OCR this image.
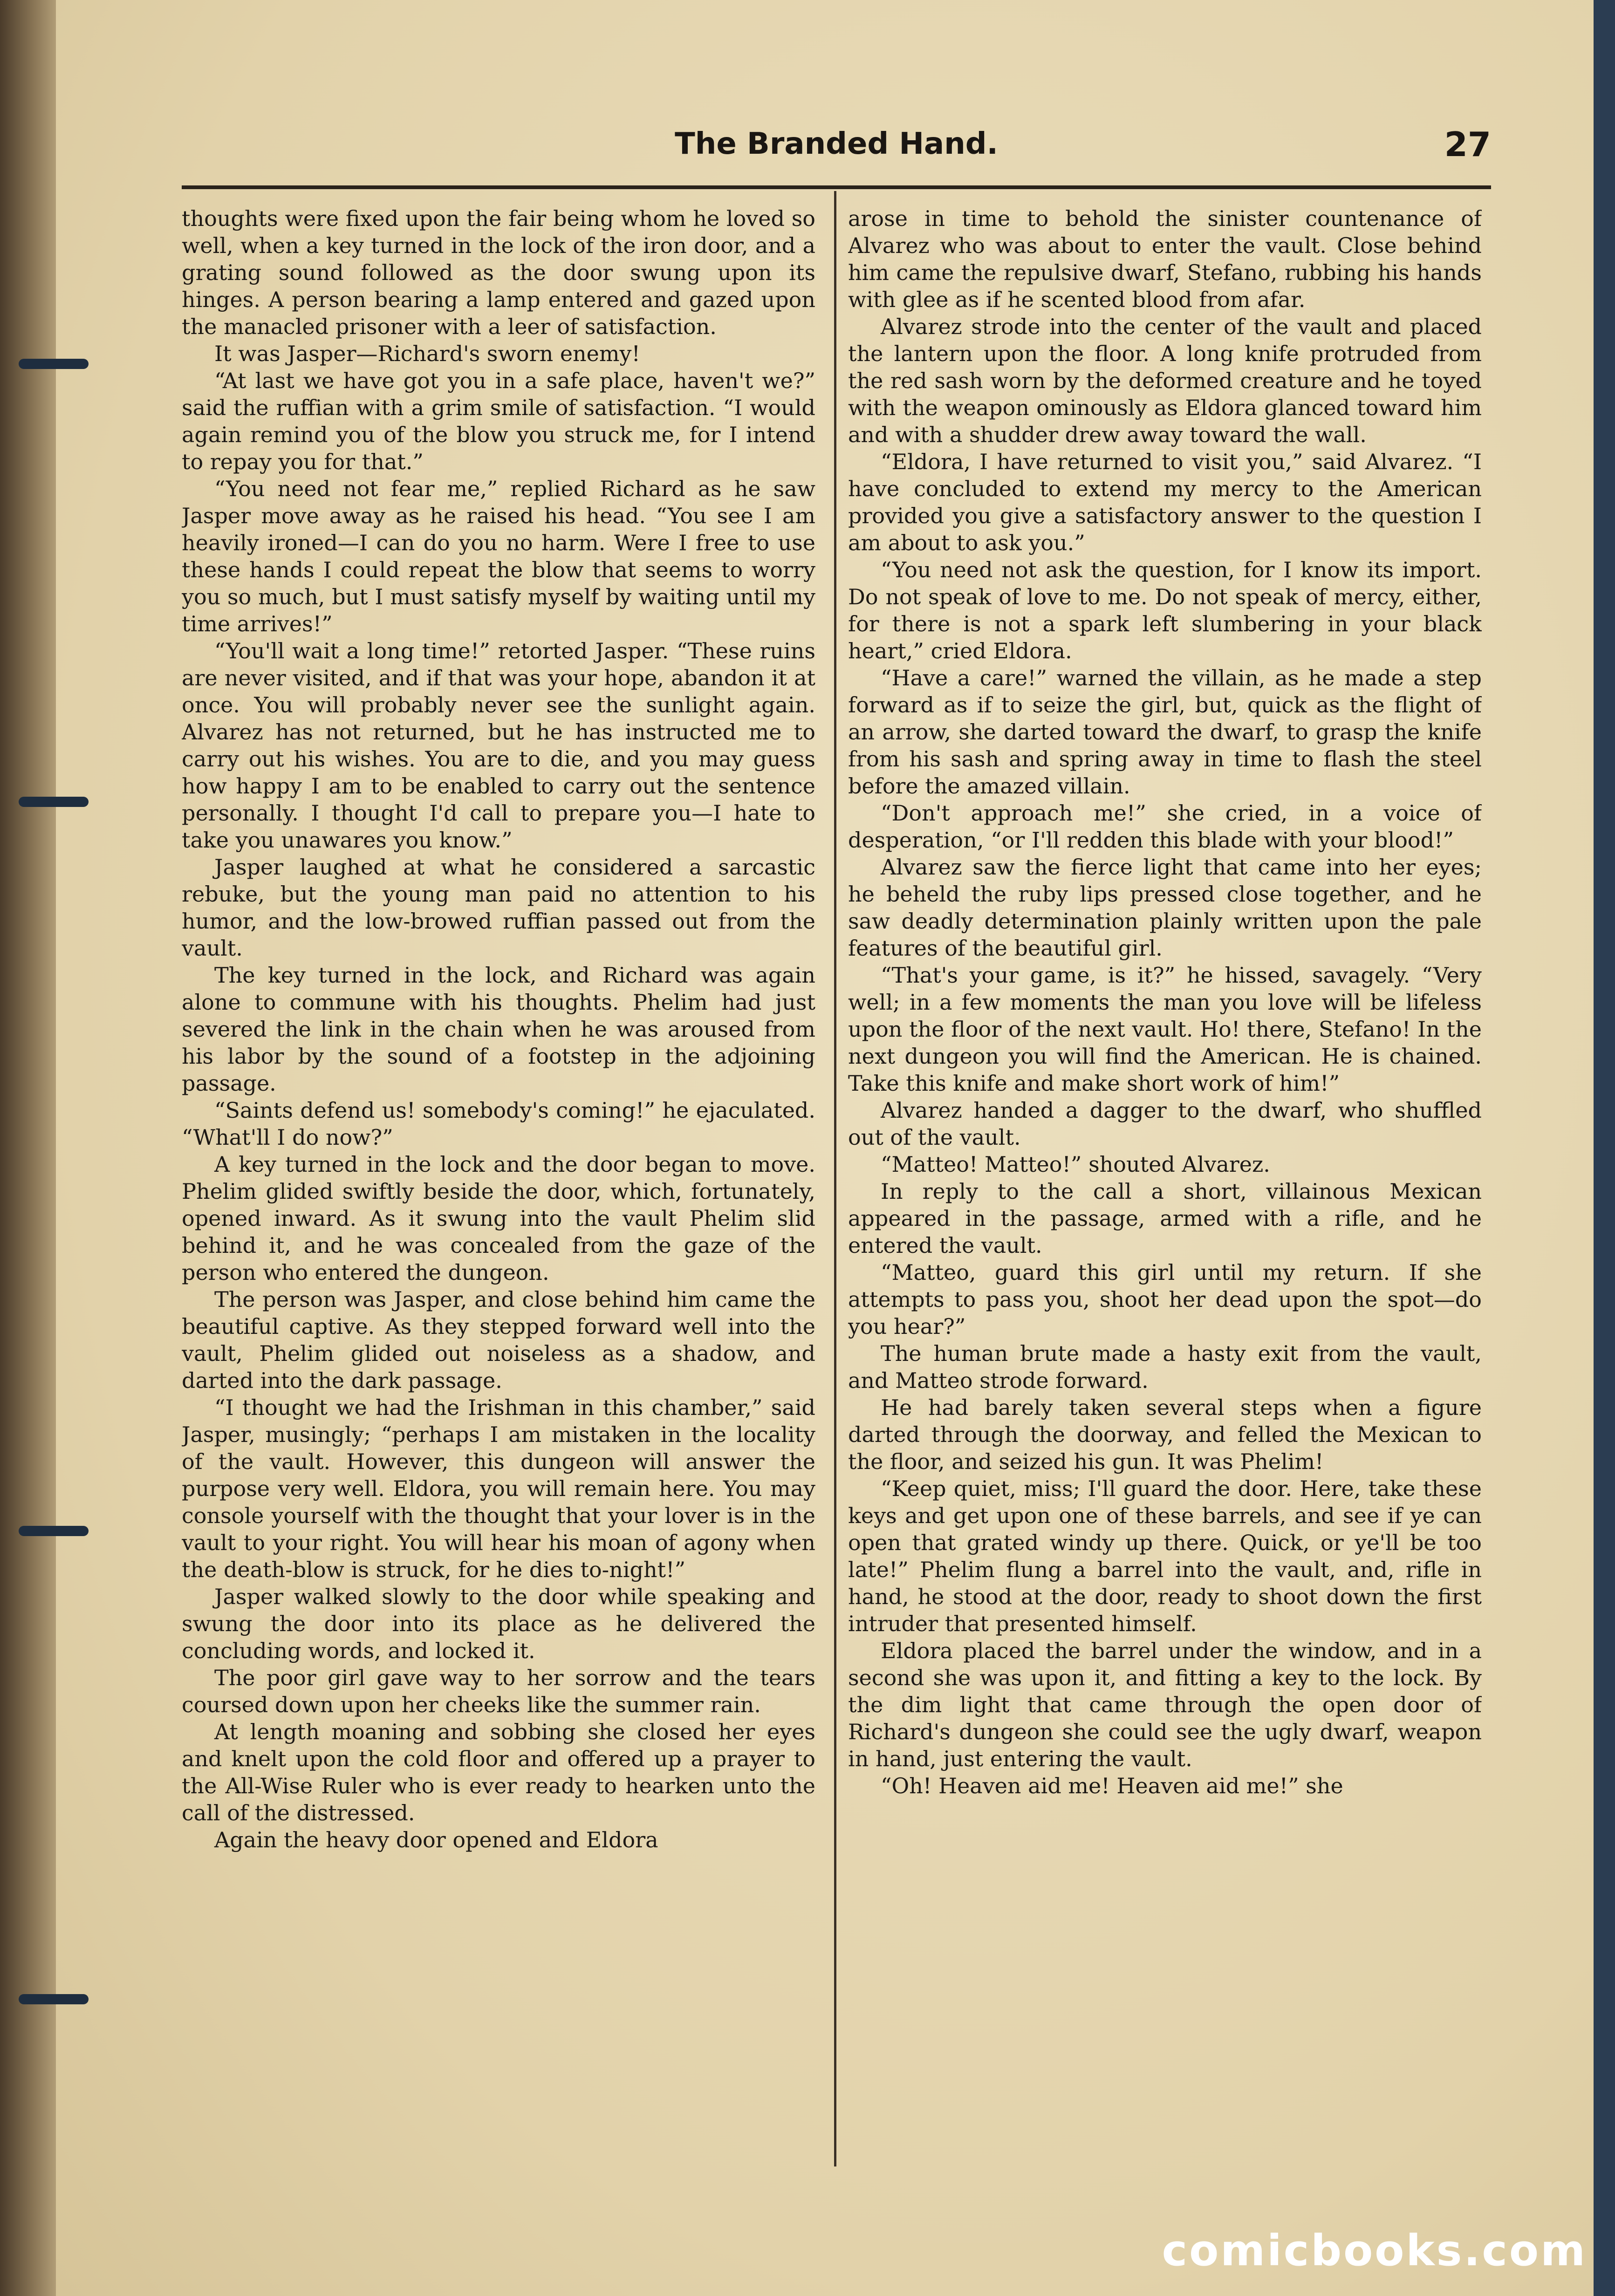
The Branded Hand.	27

thoughts were fixed upon the fair being whom he loved so well, when a key turned in the lock of the iron door, and a grating sound followed as the door swung upon its hinges. A person bearing a lamp entered and gazed upon the manacled prisoner with a leer of satisfaction.

It was Jasper—Richard's sworn enemy!

“At last we have got you in a safe place, haven't we?” said the ruffian with a grim smile of satisfaction. “I would again remind you of the blow you struck me, for I intend to repay you for that.”

“You need not fear me,” replied Richard as he saw Jasper move away as he raised his head. “You see I am heavily ironed—I can do you no harm. Were I free to use these hands I could repeat the blow that seems to worry you so much, but I must satisfy myself by waiting until my time arrives!”

“You'll wait a long time!” retorted Jasper. “These ruins are never visited, and if that was your hope, abandon it at once. You will probably never see the sunlight again. Alvarez has not returned, but he has instructed me to carry out his wishes. You are to die, and you may guess how happy I am to be enabled to carry out the sentence personally. I thought I'd call to prepare you—I hate to take you unawares you know.”

Jasper laughed at what he considered a sarcastic rebuke, but the young man paid no attention to his humor, and the low-browed ruffian passed out from the vault.

The key turned in the lock, and Richard was again alone to commune with his thoughts. Phelim had just severed the link in the chain when he was aroused from his labor by the sound of a footstep in the adjoining passage.

“Saints defend us! somebody's coming!” he ejaculated. “What'll I do now?”

A key turned in the lock and the door began to move. Phelim glided swiftly beside the door, which, fortunately, opened inward. As it swung into the vault Phelim slid behind it, and he was concealed from the gaze of the person who entered the dungeon.

The person was Jasper, and close behind him came the beautiful captive. As they stepped forward well into the vault, Phelim glided out noiseless as a shadow, and darted into the dark passage.

“I thought we had the Irishman in this chamber,” said Jasper, musingly; “perhaps I am mistaken in the locality of the vault. However, this dungeon will answer the purpose very well. Eldora, you will remain here. You may console yourself with the thought that your lover is in the vault to your right. You will hear his moan of agony when the death-blow is struck, for he dies to-night!”

Jasper walked slowly to the door while speaking and swung the door into its place as he delivered the concluding words, and locked it.

The poor girl gave way to her sorrow and the tears coursed down upon her cheeks like the summer rain.

At length moaning and sobbing she closed her eyes and knelt upon the cold floor and offered up a prayer to the All-Wise Ruler who is ever ready to hearken unto the call of the distressed.

Again the heavy door opened and Eldora

arose in time to behold the sinister countenance of Alvarez who was about to enter the vault. Close behind him came the repulsive dwarf, Stefano, rubbing his hands with glee as if he scented blood from afar.

Alvarez strode into the center of the vault and placed the lantern upon the floor. A long knife protruded from the red sash worn by the deformed creature and he toyed with the weapon ominously as Eldora glanced toward him and with a shudder drew away toward the wall.

“Eldora, I have returned to visit you,” said Alvarez. “I have concluded to extend my mercy to the American provided you give a satisfactory answer to the question I am about to ask you.”

“You need not ask the question, for I know its import. Do not speak of love to me. Do not speak of mercy, either, for there is not a spark left slumbering in your black heart,” cried Eldora.

“Have a care!” warned the villain, as he made a step forward as if to seize the girl, but, quick as the flight of an arrow, she darted toward the dwarf, to grasp the knife from his sash and spring away in time to flash the steel before the amazed villain.

“Don't approach me!” she cried, in a voice of desperation, “or I'll redden this blade with your blood!”

Alvarez saw the fierce light that came into her eyes; he beheld the ruby lips pressed close together, and he saw deadly determination plainly written upon the pale features of the beautiful girl.

“That's your game, is it?” he hissed, savagely. “Very well; in a few moments the man you love will be lifeless upon the floor of the next vault. Ho! there, Stefano! In the next dungeon you will find the American. He is chained. Take this knife and make short work of him!”

Alvarez handed a dagger to the dwarf, who shuffled out of the vault.

“Matteo! Matteo!” shouted Alvarez.

In reply to the call a short, villainous Mexican appeared in the passage, armed with a rifle, and he entered the vault.

“Matteo, guard this girl until my return. If she attempts to pass you, shoot her dead upon the spot—do you hear?”

The human brute made a hasty exit from the vault, and Matteo strode forward.

He had barely taken several steps when a figure darted through the doorway, and felled the Mexican to the floor, and seized his gun. It was Phelim!

“Keep quiet, miss; I'll guard the door. Here, take these keys and get upon one of these barrels, and see if ye can open that grated windy up there. Quick, or ye'll be too late!” Phelim flung a barrel into the vault, and, rifle in hand, he stood at the door, ready to shoot down the first intruder that presented himself.

Eldora placed the barrel under the window, and in a second she was upon it, and fitting a key to the lock. By the dim light that came through the open door of Richard's dungeon she could see the ugly dwarf, weapon in hand, just entering the vault.

“Oh! Heaven aid me! Heaven aid me!” she

comicbooks.com
